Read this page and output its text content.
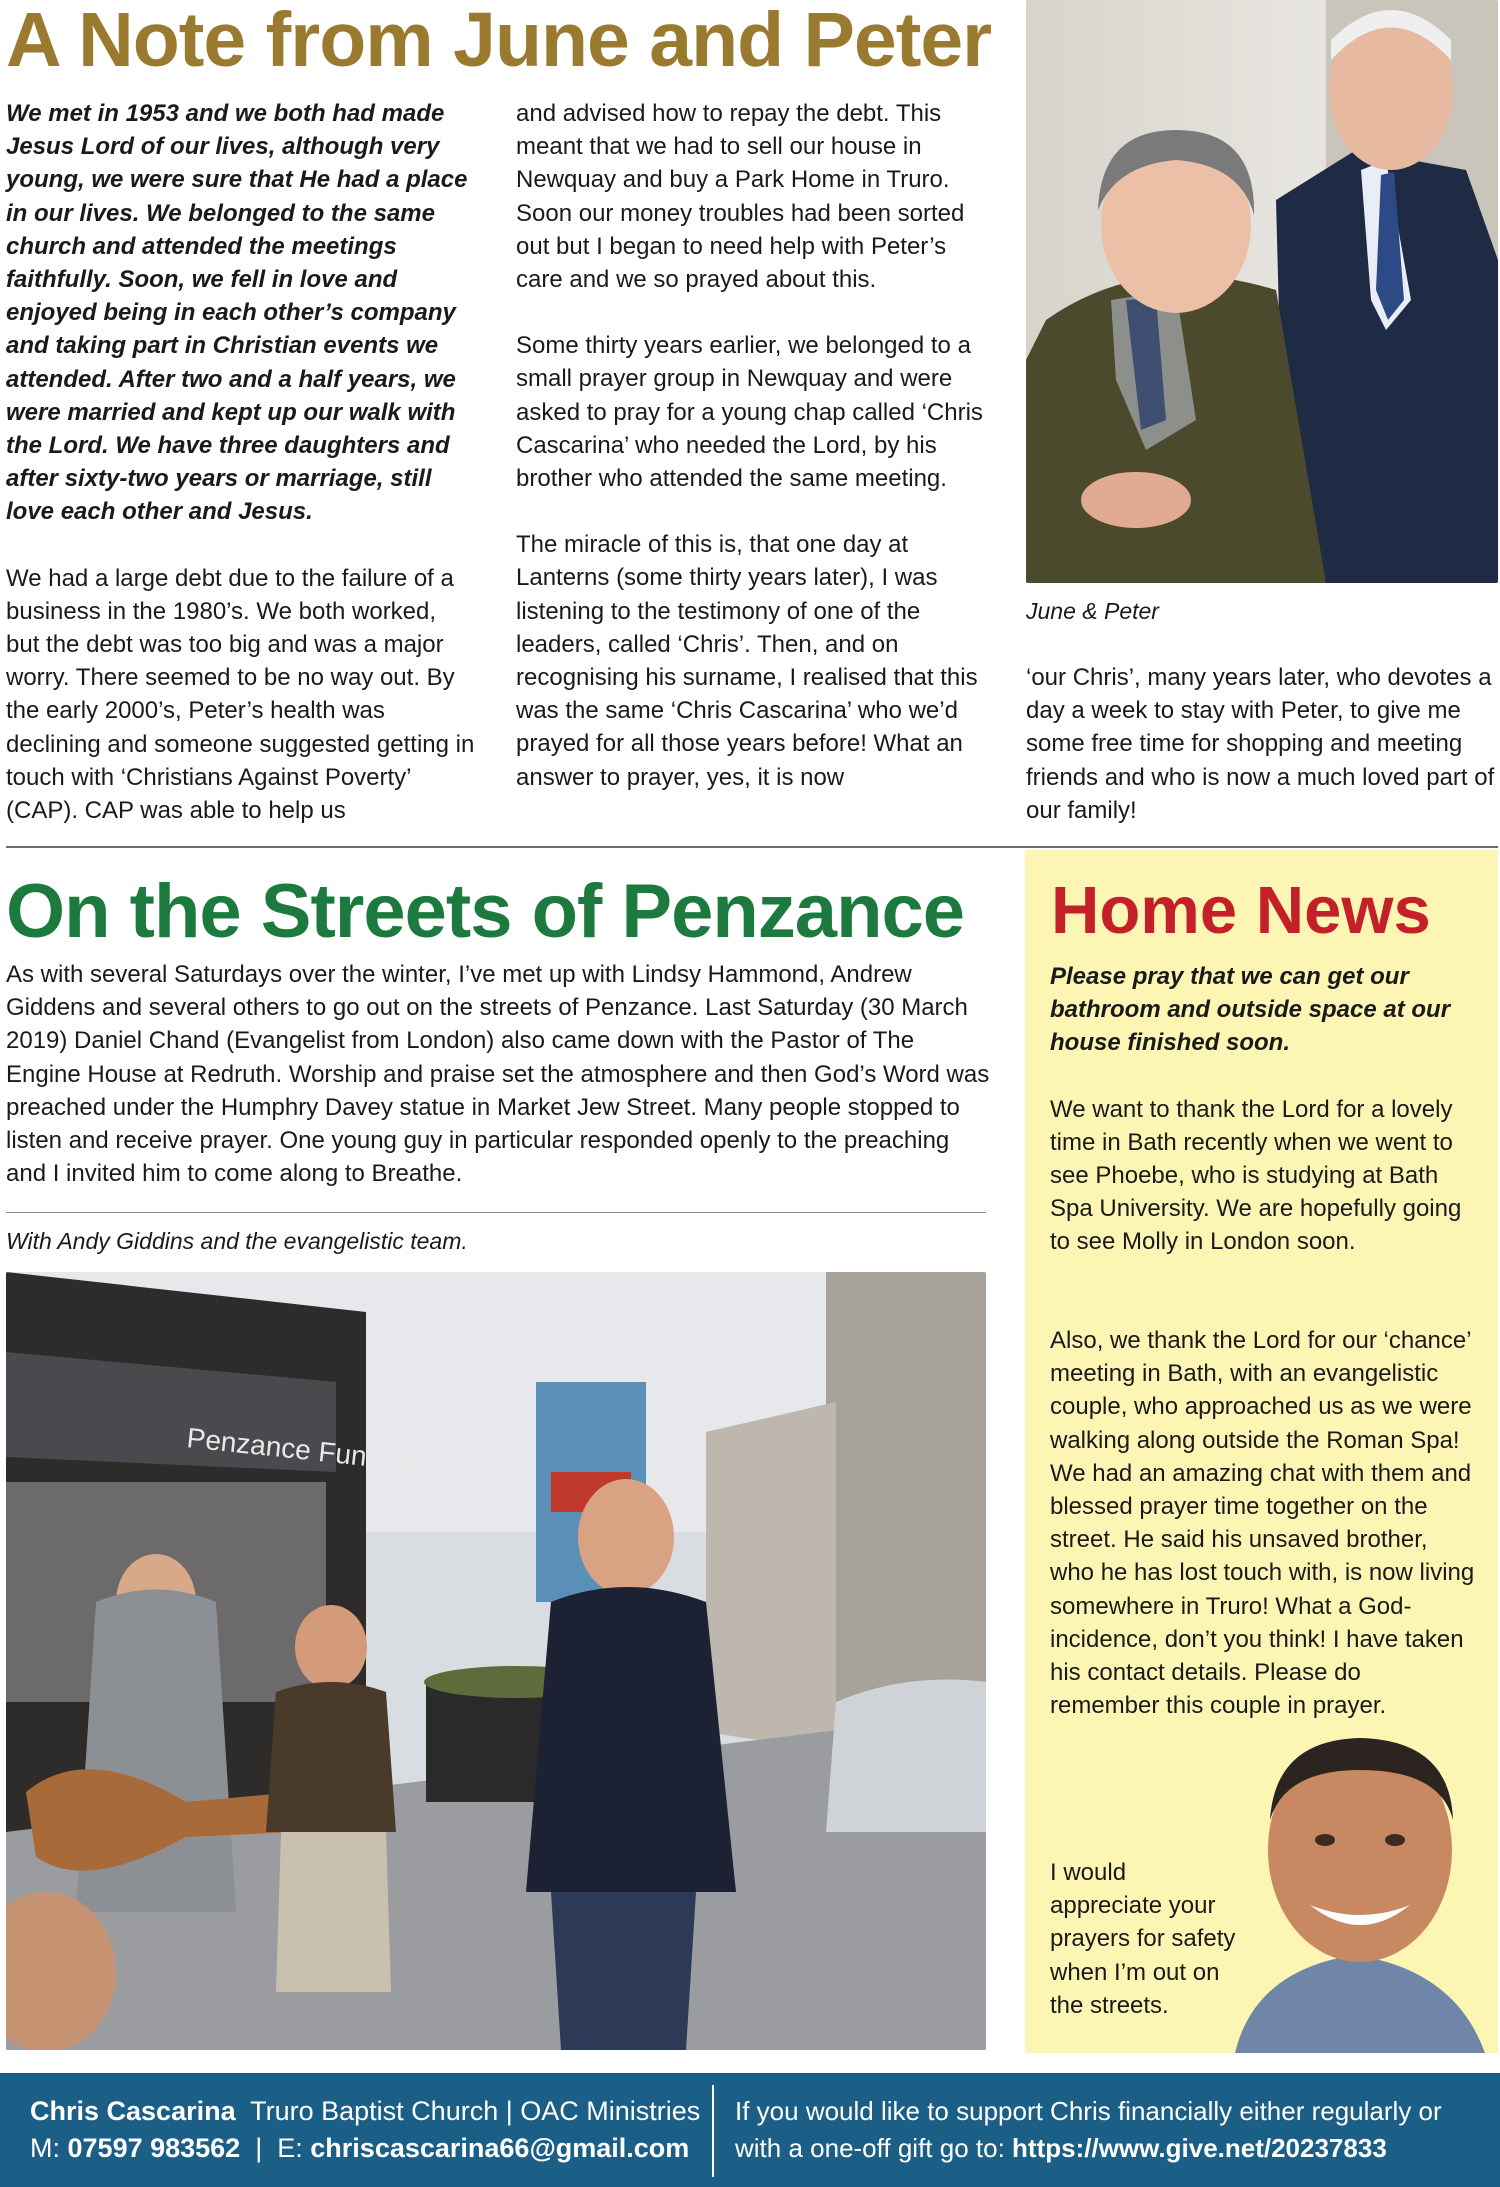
A Note from June and Peter

We met in 1953 and we both had made Jesus Lord of our lives, although very young, we were sure that He had a place in our lives. We belonged to the same church and attended the meetings faithfully. Soon, we fell in love and enjoyed being in each other’s company and taking part in Christian events we attended. After two and a half years, we were married and kept up our walk with the Lord. We have three daughters and after sixty-two years or marriage, still love each other and Jesus.

We had a large debt due to the failure of a business in the 1980’s. We both worked, but the debt was too big and was a major worry. There seemed to be no way out. By the early 2000’s, Peter’s health was declining and someone suggested getting in touch with ‘Christians Against Poverty’ (CAP). CAP was able to help us

and advised how to repay the debt. This meant that we had to sell our house in Newquay and buy a Park Home in Truro. Soon our money troubles had been sorted out but I began to need help with Peter’s care and we so prayed about this.

Some thirty years earlier, we belonged to a small prayer group in Newquay and were asked to pray for a young chap called ‘Chris Cascarina’ who needed the Lord, by his brother who attended the same meeting.

The miracle of this is, that one day at Lanterns (some thirty years later), I was listening to the testimony of one of the leaders, called ‘Chris’. Then, and on recognising his surname, I realised that this was the same ‘Chris Cascarina’ who we’d prayed for all those years before! What an answer to prayer, yes, it is now

June & Peter

‘our Chris’, many years later, who devotes a day a week to stay with Peter, to give me some free time for shopping and meeting friends and who is now a much loved part of our family!

On the Streets of Penzance
As with several Saturdays over the winter, I’ve met up with Lindsy Hammond, Andrew Giddens and several others to go out on the streets of Penzance. Last Saturday (30 March 2019) Daniel Chand (Evangelist from London) also came down with the Pastor of The Engine House at Redruth. Worship and praise set the atmosphere and then God’s Word was preached under the Humphry Davey statue in Market Jew Street. Many people stopped to listen and receive prayer. One young guy in particular responded openly to the preaching and I invited him to come along to Breathe.
With Andy Giddins and the evangelistic team.
Penzance Funeralcare
Home News

Please pray that we can get our bathroom and outside space at our house finished soon.

We want to thank the Lord for a lovely time in Bath recently when we went to see Phoebe, who is studying at Bath Spa University. We are hopefully going to see Molly in London soon.

Also, we thank the Lord for our ‘chance’ meeting in Bath, with an evangelistic couple, who approached us as we were walking along outside the Roman Spa! We had an amazing chat with them and blessed prayer time together on the street. He said his unsaved brother, who he has lost touch with, is now living somewhere in Truro! What a God-incidence, don’t you think! I have taken his contact details. Please do remember this couple in prayer.
I would appreciate your prayers for safety when I’m out on the streets.
Chris Cascarina Truro Baptist Church | OAC Ministries
M: 07597 983562 | E: chriscascarina66@gmail.com
If you would like to support Chris financially either regularly or with a one-off gift go to: https://www.give.net/20237833
